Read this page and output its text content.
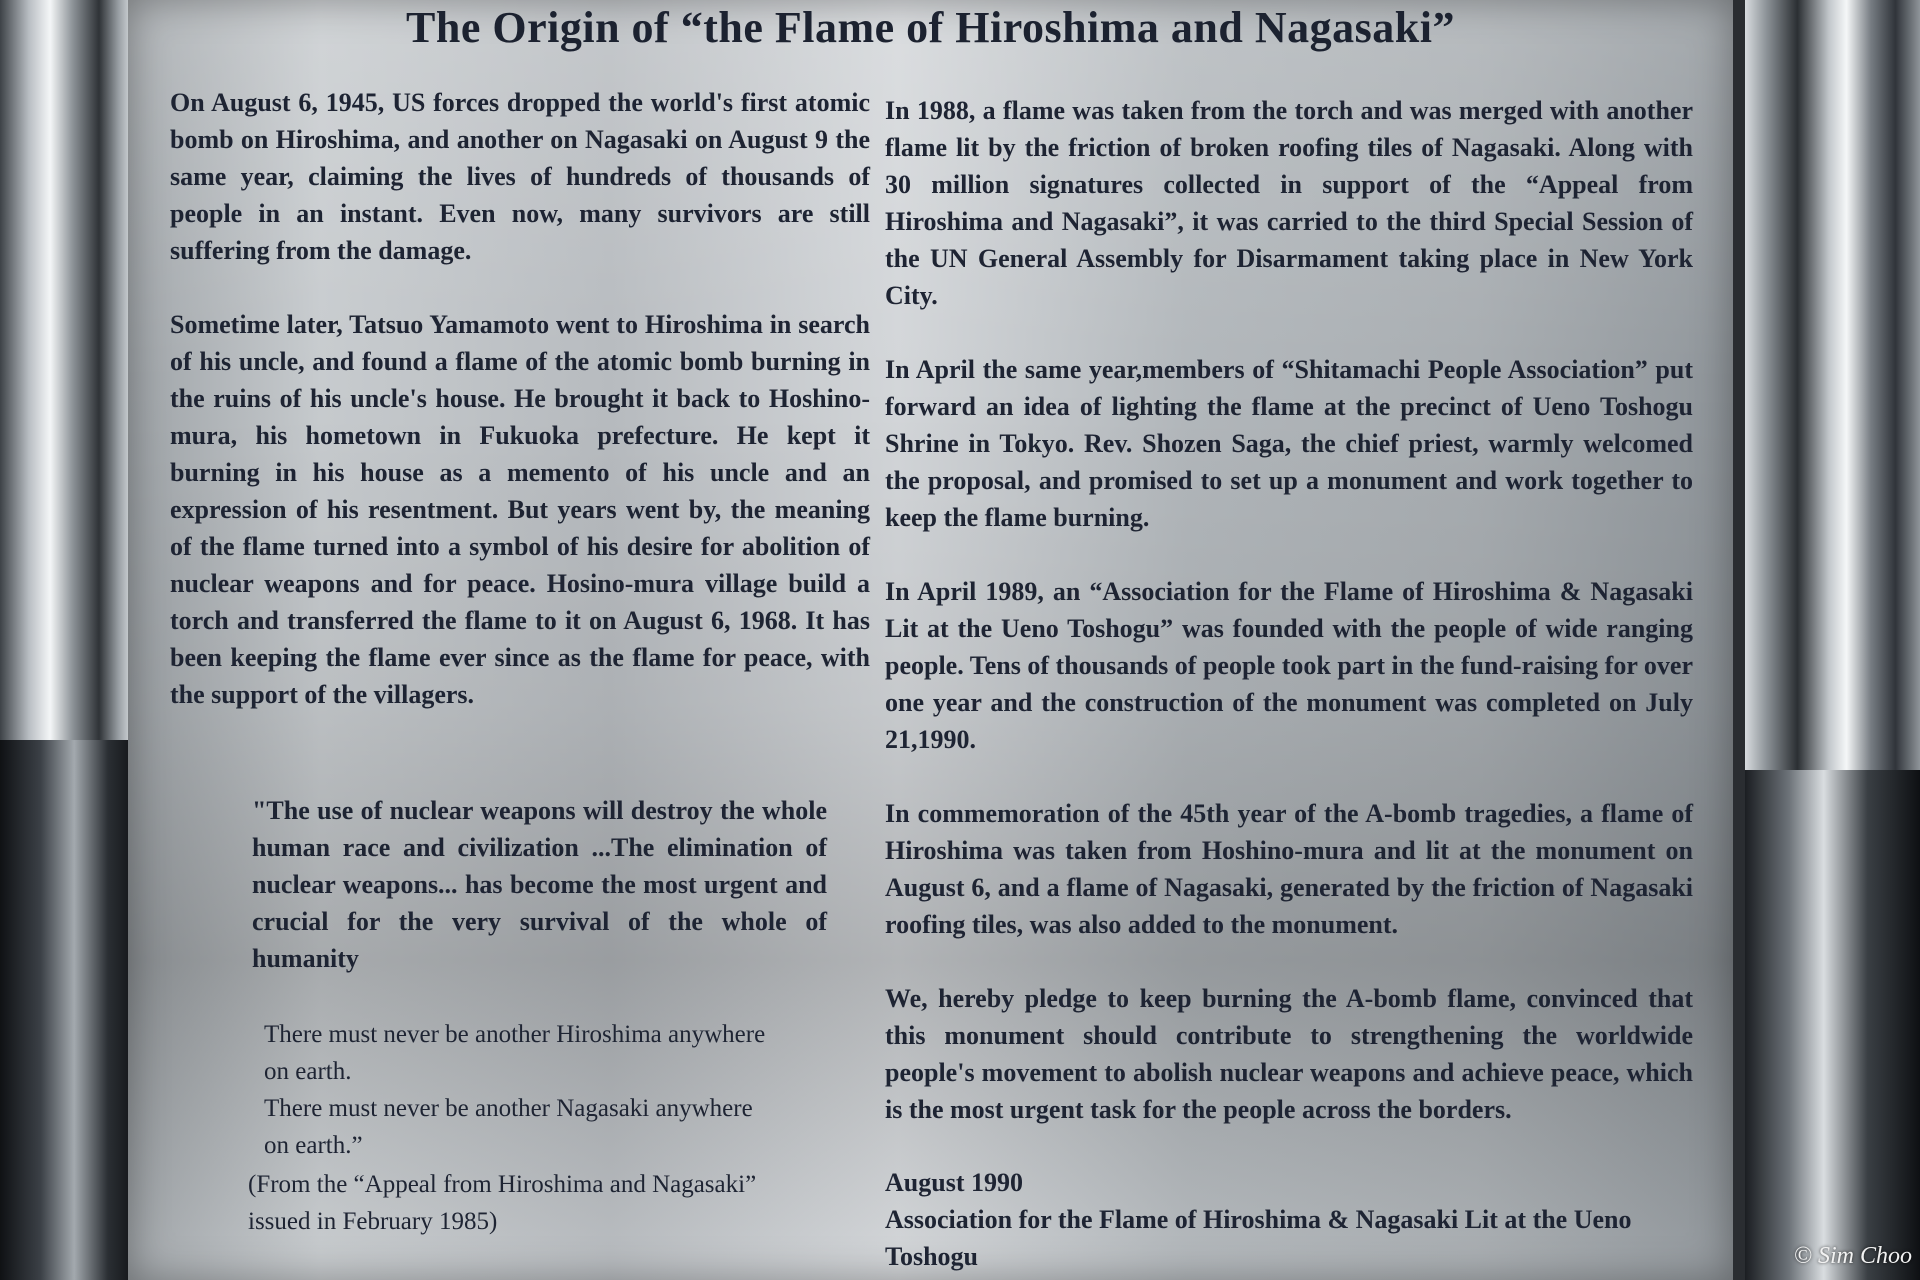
The Origin of “the Flame of Hiroshima and Nagasaki”

On August 6, 1945, US forces dropped the world's first atomic bomb on Hiroshima, and another on Nagasaki on August 9 the same year, claiming the lives of hundreds of thousands of people in an instant. Even now, many survivors are still suffering from the damage.

Sometime later, Tatsuo Yamamoto went to Hiroshima in search of his uncle, and found a flame of the atomic bomb burning in the ruins of his uncle's house. He brought it back to Hoshino-mura, his hometown in Fukuoka prefecture. He kept it burning in his house as a memento of his uncle and an expression of his resentment. But years went by, the meaning of the flame turned into a symbol of his desire for abolition of nuclear weapons and for peace. Hosino-mura village build a torch and transferred the flame to it on August 6, 1968. It has been keeping the flame ever since as the flame for peace, with the support of the villagers.

"The use of nuclear weapons will destroy the whole human race and civilization ...The elimination of nuclear weapons... has become the most urgent and crucial for the very survival of the whole of humanity

There must never be another Hiroshima anywhere

on earth.

There must never be another Nagasaki anywhere

on earth.”

(From the “Appeal from Hiroshima and Nagasaki”

issued in February 1985)

In 1988, a flame was taken from the torch and was merged with another flame lit by the friction of broken roofing tiles of Nagasaki. Along with 30 million signatures collected in support of the “Appeal from Hiroshima and Nagasaki”, it was carried to the third Special Session of the UN General Assembly for Disarmament taking place in New York City.

In April the same year,members of “Shitamachi People Association” put forward an idea of lighting the flame at the precinct of Ueno Toshogu Shrine in Tokyo. Rev. Shozen Saga, the chief priest, warmly welcomed the proposal, and promised to set up a monument and work together to keep the flame burning.

In April 1989, an “Association for the Flame of Hiroshima & Nagasaki Lit at the Ueno Toshogu” was founded with the people of wide ranging people. Tens of thousands of people took part in the fund-raising for over one year and the construction of the monument was completed on July 21,1990.

In commemoration of the 45th year of the A-bomb tragedies, a flame of Hiroshima was taken from Hoshino-mura and lit at the monument on August 6, and a flame of Nagasaki, generated by the friction of Nagasaki roofing tiles, was also added to the monument.

We, hereby pledge to keep burning the A-bomb flame, convinced that this monument should contribute to strengthening the worldwide people's movement to abolish nuclear weapons and achieve peace, which is the most urgent task for the people across the borders.

August 1990

Association for the Flame of Hiroshima & Nagasaki Lit at the Ueno Toshogu	© Sim Choo
